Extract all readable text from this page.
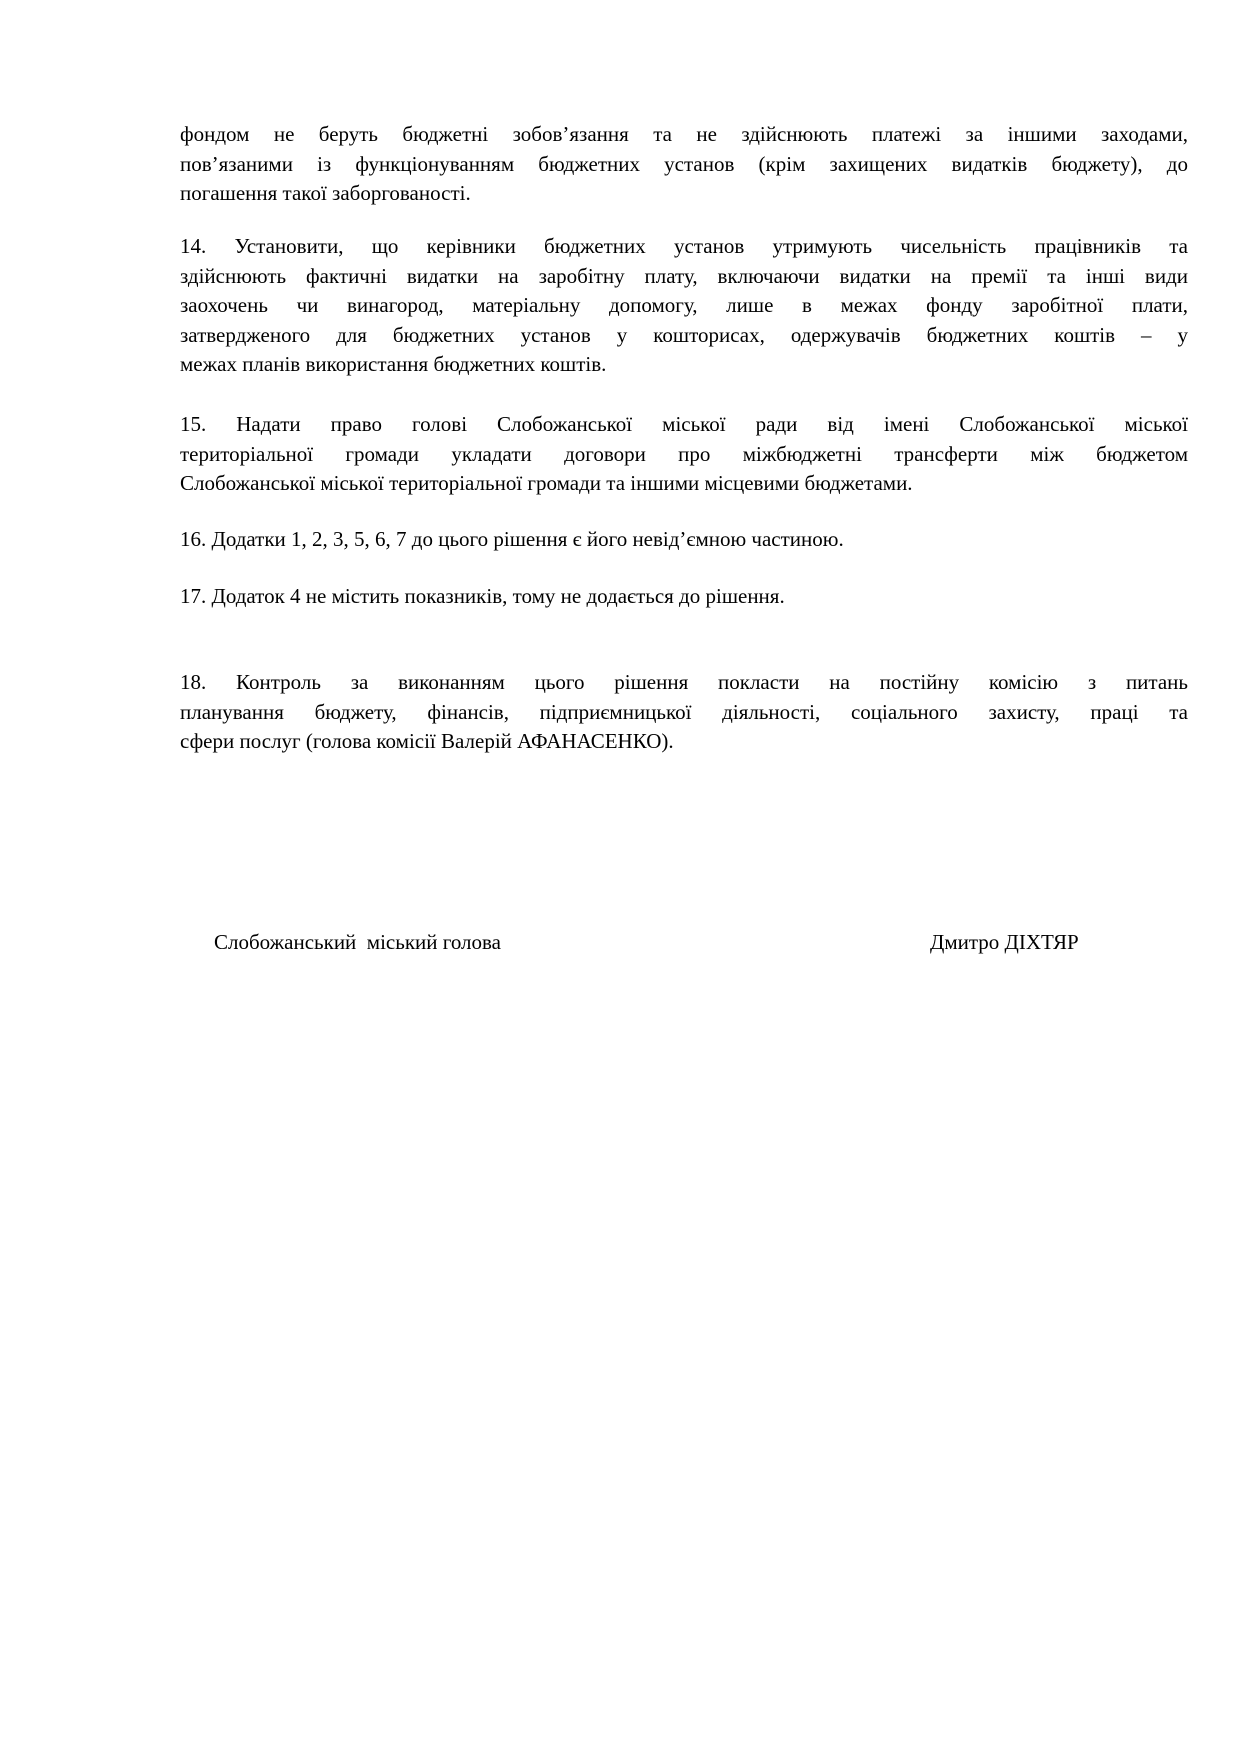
фондом не беруть бюджетні зобов’язання та не здійснюють платежі за іншими заходами,
пов’язаними із функціонуванням бюджетних установ (крім захищених видатків бюджету), до
погашення такої заборгованості.
14. Установити, що керівники бюджетних установ утримують чисельність працівників та
здійснюють фактичні видатки на заробітну плату, включаючи видатки на премії та інші види
заохочень чи винагород, матеріальну допомогу, лише в межах фонду заробітної плати,
затвердженого для бюджетних установ у кошторисах, одержувачів бюджетних коштів – у
межах планів використання бюджетних коштів.
15. Надати право голові Слобожанської міської ради від імені Слобожанської міської
територіальної громади укладати договори про міжбюджетні трансферти між бюджетом
Слобожанської міської територіальної громади та іншими місцевими бюджетами.
16. Додатки 1, 2, 3, 5, 6, 7 до цього рішення є його невід’ємною частиною.
17. Додаток 4 не містить показників, тому не додається до рішення.
18. Контроль за виконанням цього рішення покласти на постійну комісію з питань
планування бюджету, фінансів, підприємницької діяльності, соціального захисту, праці та
сфери послуг (голова комісії Валерій АФАНАСЕНКО).
Слобожанський  міський голова	Дмитро ДІХТЯР
